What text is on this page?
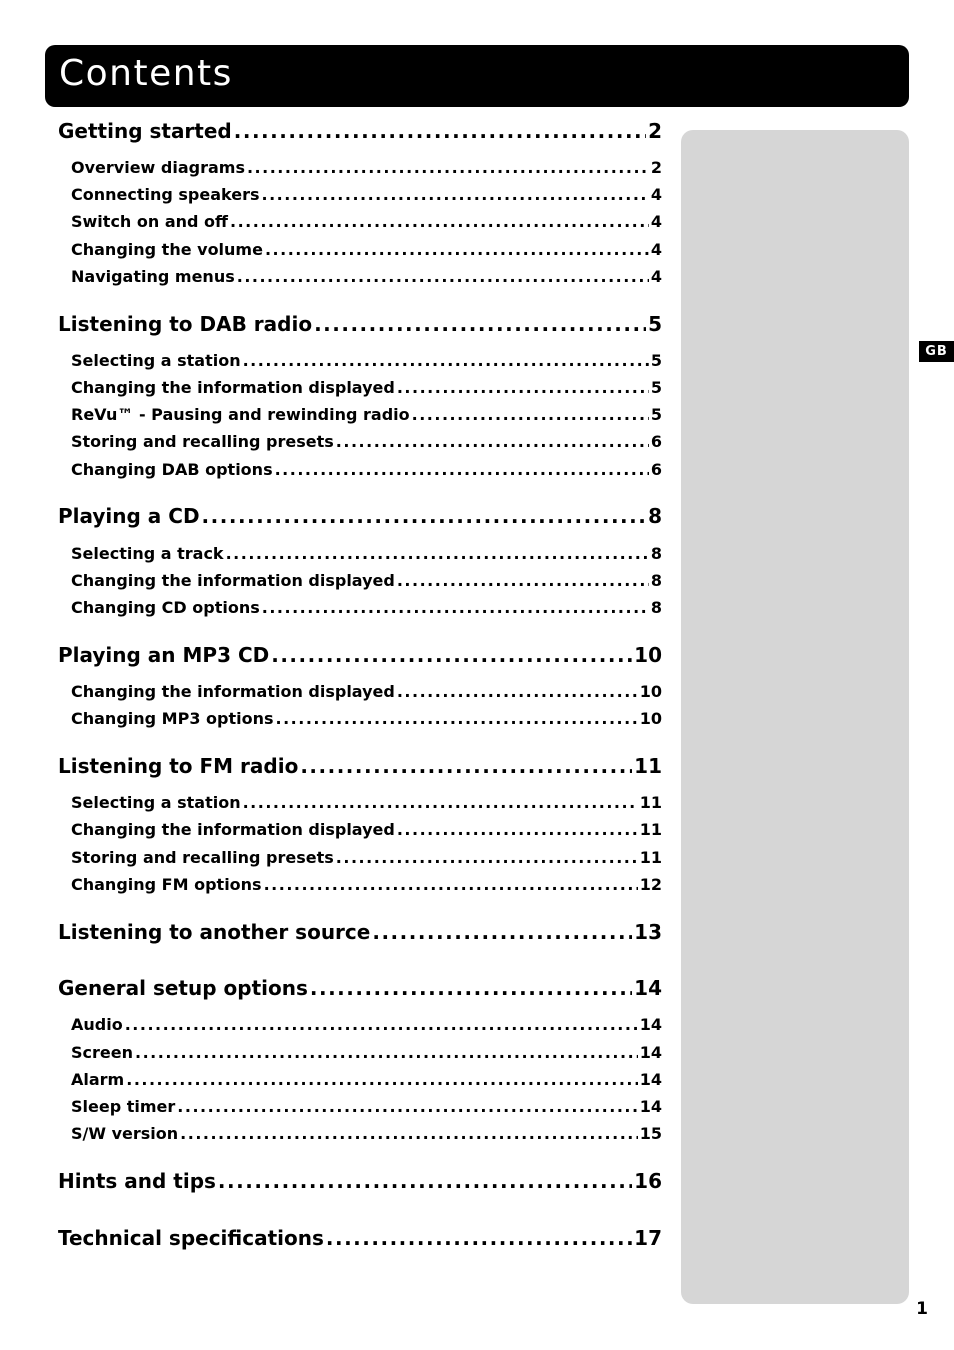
Contents
GB
Getting started .....	2
Overview diagrams .....	2
Connecting speakers .....	4
Switch on and off .....	4
Changing the volume .....	4
Navigating menus .....	4
Listening to DAB radio .....	5
Selecting a station .....	5
Changing the information displayed .....	5
ReVu™ - Pausing and rewinding radio .....	5
Storing and recalling presets .....	6
Changing DAB options .....	6
Playing a CD .....	8
Selecting a track .....	8
Changing the information displayed .....	8
Changing CD options .....	8
Playing an MP3 CD .....	10
Changing the information displayed .....	10
Changing MP3 options .....	10
Listening to FM radio .....	11
Selecting a station .....	11
Changing the information displayed .....	11
Storing and recalling presets .....	11
Changing FM options .....	12
Listening to another source .....	13
General setup options .....	14
Audio .....	14
Screen .....	14
Alarm .....	14
Sleep timer .....	14
S/W version .....	15
Hints and tips .....	16
Technical specifications .....	17
1
